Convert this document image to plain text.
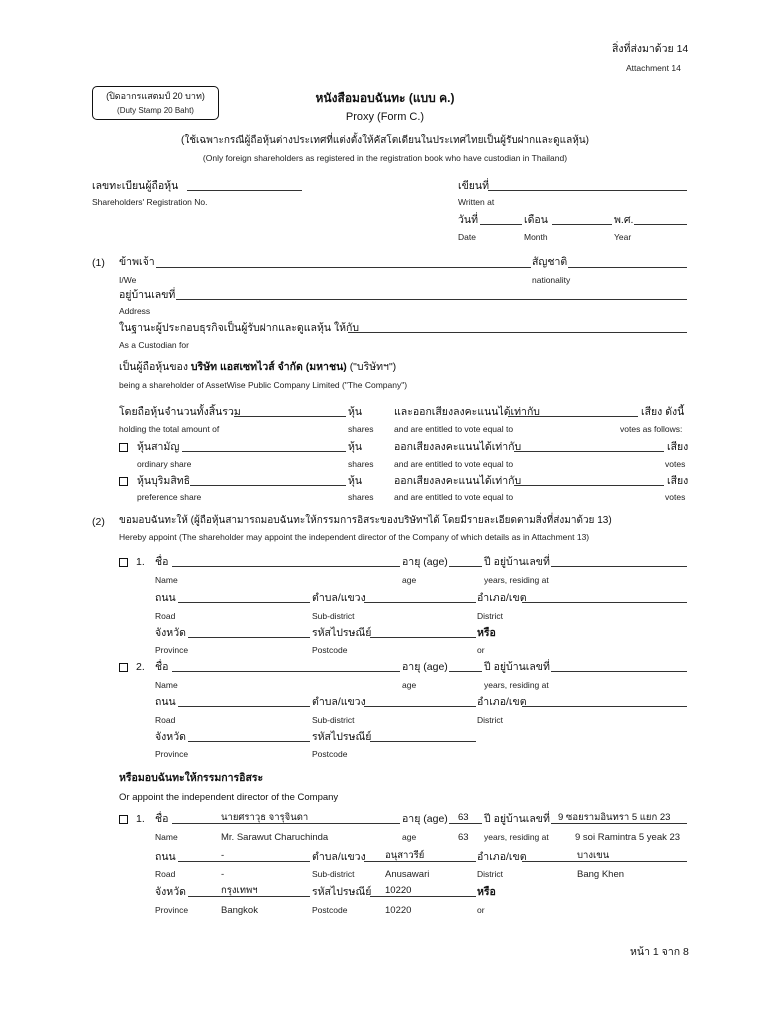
สิ่งที่ส่งมาด้วย 14
Attachment 14
(ปิดอากรแสตมป์ 20 บาท)
(Duty Stamp 20 Baht)
หนังสือมอบฉันทะ (แบบ ค.)
Proxy (Form C.)
(ใช้เฉพาะกรณีผู้ถือหุ้นต่างประเทศที่แต่งตั้งให้คัสโตเดียนในประเทศไทยเป็นผู้รับฝากและดูแลหุ้น)
(Only foreign shareholders as registered in the registration book who have custodian in Thailand)
เลขทะเบียนผู้ถือหุ้น
Shareholders' Registration No.
เขียนที่
Written at
วันที่	เดือน	พ.ศ.
Date	Month	Year
(1) ข้าพเจ้า	สัญชาติ
I/We	nationality
อยู่บ้านเลขที่
Address
ในฐานะผู้ประกอบธุรกิจเป็นผู้รับฝากและดูแลหุ้น ให้กับ
As a Custodian for
เป็นผู้ถือหุ้นของ บริษัท แอสเซทไวส์ จำกัด (มหาชน) ("บริษัทฯ")
being a shareholder of AssetWise Public Company Limited ("The Company")
โดยถือหุ้นจำนวนทั้งสิ้นรวม	หุ้น	และออกเสียงลงคะแนนได้เท่ากับ	เสียง ดังนี้
holding the total amount of	shares and are entitled to vote equal to	votes as follows:
หุ้นสามัญ	หุ้น	ออกเสียงลงคะแนนได้เท่ากับ	เสียง
ordinary share	shares and are entitled to vote equal to	votes
หุ้นบุริมสิทธิ	หุ้น	ออกเสียงลงคะแนนได้เท่ากับ	เสียง
preference share	shares and are entitled to vote equal to	votes
(2) ขอมอบฉันทะให้ (ผู้ถือหุ้นสามารถมอบฉันทะให้กรรมการอิสระของบริษัทฯได้ โดยมีรายละเอียดตามสิ่งที่ส่งมาด้วย 13)
Hereby appoint (The shareholder may appoint the independent director of the Company of which details as in Attachment 13)
1. ชื่อ	อายุ (age)	ปี อยู่บ้านเลขที่
Name	age	years, residing at
ถนน	ตำบล/แขวง	อำเภอ/เขต
Road	Sub-district	District
จังหวัด	รหัสไปรษณีย์	หรือ
Province	Postcode	or
2. ชื่อ	อายุ (age)	ปี อยู่บ้านเลขที่
Name	age	years, residing at
ถนน	ตำบล/แขวง	อำเภอ/เขต
Road	Sub-district	District
จังหวัด	รหัสไปรษณีย์
Province	Postcode
หรือมอบฉันทะให้กรรมการอิสระ
Or appoint the independent director of the Company
1. ชื่อ	นายศราวุธ จารุจินดา	อายุ (age) 63 ปี อยู่บ้านเลขที่ 9 ซอยรามอินทรา 5 แยก 23
Name	Mr. Sarawut Charuchinda	age	63 years, residing at	9 soi Ramintra 5 yeak 23
ถนน	-	ตำบล/แขวง อนุสาวรีย์	อำเภอ/เขต	บางเขน
Road	-	Sub-district	Anusawari	District	Bang Khen
จังหวัด	กรุงเทพฯ	รหัสไปรษณีย์ 10220	หรือ
Province	Bangkok	Postcode	10220	or
หน้า 1 จาก 8
